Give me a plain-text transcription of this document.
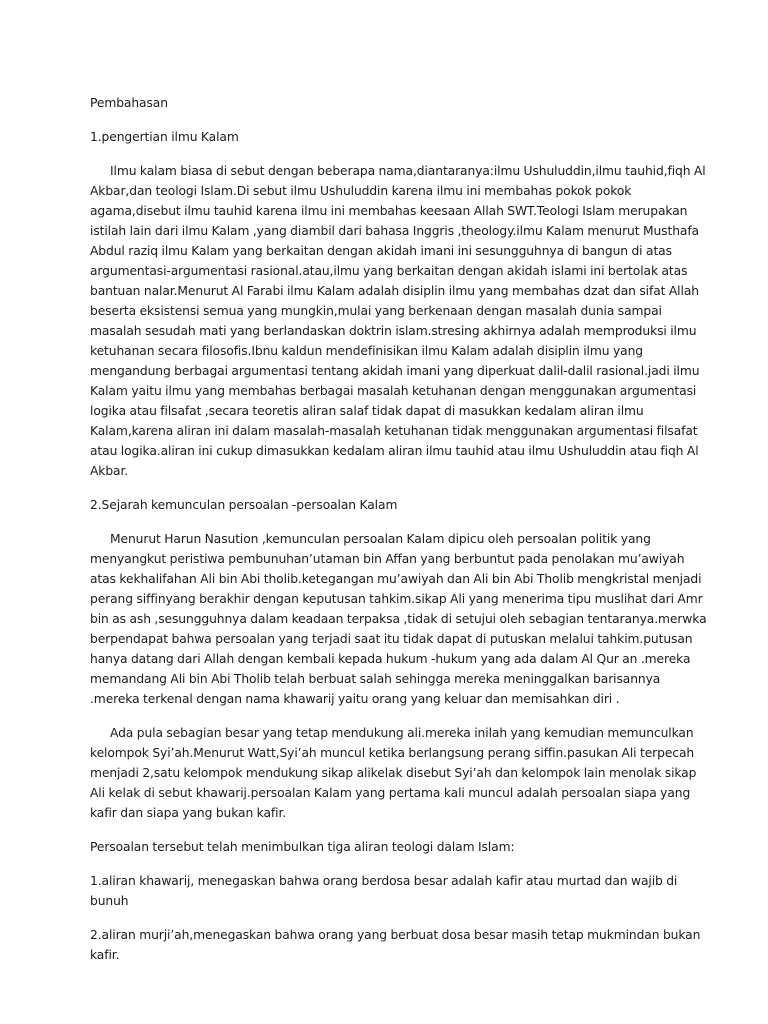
Pembahasan

1.pengertian ilmu Kalam

Ilmu kalam biasa di sebut dengan beberapa nama,diantaranya:ilmu Ushuluddin,ilmu tauhid,fiqh Al Akbar,dan teologi Islam.Di sebut ilmu Ushuluddin karena ilmu ini membahas pokok pokok agama,disebut ilmu tauhid karena ilmu ini membahas keesaan Allah SWT.Teologi Islam merupakan istilah lain dari ilmu Kalam ,yang diambil dari bahasa Inggris ,theology.ilmu Kalam menurut Musthafa Abdul raziq ilmu Kalam yang berkaitan dengan akidah imani ini sesungguhnya di bangun di atas argumentasi-argumentasi rasional.atau,ilmu yang berkaitan dengan akidah islami ini bertolak atas bantuan nalar.Menurut Al Farabi ilmu Kalam adalah disiplin ilmu yang membahas dzat dan sifat Allah beserta eksistensi semua yang mungkin,mulai yang berkenaan dengan masalah dunia sampai masalah sesudah mati yang berlandaskan doktrin islam.stresing akhirnya adalah memproduksi ilmu ketuhanan secara filosofis.Ibnu kaldun mendefinisikan ilmu Kalam adalah disiplin ilmu yang mengandung berbagai argumentasi tentang akidah imani yang diperkuat dalil-dalil rasional.jadi ilmu Kalam yaitu ilmu yang membahas berbagai masalah ketuhanan dengan menggunakan argumentasi logika atau filsafat ,secara teoretis aliran salaf tidak dapat di masukkan kedalam aliran ilmu Kalam,karena aliran ini dalam masalah-masalah ketuhanan tidak menggunakan argumentasi filsafat atau logika.aliran ini cukup dimasukkan kedalam aliran ilmu tauhid atau ilmu Ushuluddin atau fiqh Al Akbar.

2.Sejarah kemunculan persoalan -persoalan Kalam

Menurut Harun Nasution ,kemunculan persoalan Kalam dipicu oleh persoalan politik yang menyangkut peristiwa pembunuhan’utaman bin Affan yang berbuntut pada penolakan mu’awiyah atas kekhalifahan Ali bin Abi tholib.ketegangan mu’awiyah dan Ali bin Abi Tholib mengkristal menjadi perang siffinyang berakhir dengan keputusan tahkim.sikap Ali yang menerima tipu muslihat dari Amr bin as ash ,sesungguhnya dalam keadaan terpaksa ,tidak di setujui oleh sebagian tentaranya.merwka berpendapat bahwa persoalan yang terjadi saat itu tidak dapat di putuskan melalui tahkim.putusan hanya datang dari Allah dengan kembali kepada hukum -hukum yang ada dalam Al Qur an .mereka memandang Ali bin Abi Tholib telah berbuat salah sehingga mereka meninggalkan barisannya .mereka terkenal dengan nama khawarij yaitu orang yang keluar dan memisahkan diri .

Ada pula sebagian besar yang tetap mendukung ali.mereka inilah yang kemudian memunculkan kelompok Syi’ah.Menurut Watt,Syi’ah muncul ketika berlangsung perang siffin.pasukan Ali terpecah menjadi 2,satu kelompok mendukung sikap alikelak disebut Syi’ah dan kelompok lain menolak sikap Ali kelak di sebut khawarij.persoalan Kalam yang pertama kali muncul adalah persoalan siapa yang kafir dan siapa yang bukan kafir.

Persoalan tersebut telah menimbulkan tiga aliran teologi dalam Islam:

1.aliran khawarij, menegaskan bahwa orang berdosa besar adalah kafir atau murtad dan wajib di bunuh

2.aliran murji’ah,menegaskan bahwa orang yang berbuat dosa besar masih tetap mukmindan bukan kafir.
